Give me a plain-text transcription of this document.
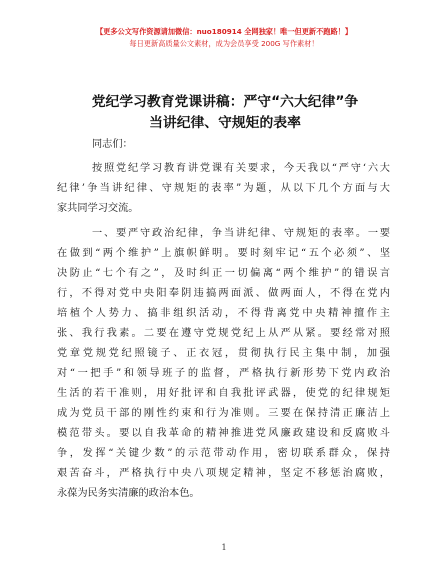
【更多公文写作资源请加微信：nuo180914 全网独家！唯一但更新不跑路！】
每日更新高质量公文素材，成为会员享受 200G 写作素材！
党纪学习教育党课讲稿：严守“六大纪律”争
当讲纪律、守规矩的表率
同志们：
按照党纪学习教育讲党课有关要求，今天我以“严守‘六大
纪律’争当讲纪律、守规矩的表率”为题，从以下几个方面与大
家共同学习交流。
一、要严守政治纪律，争当讲纪律、守规矩的表率。一要
在做到“两个维护”上旗帜鲜明。要时刻牢记“五个必须”、坚
决防止“七个有之”，及时纠正一切偏离“两个维护”的错误言
行，不得对党中央阳奉阴违搞两面派、做两面人，不得在党内
培植个人势力、搞非组织活动，不得背离党中央精神擅作主
张、我行我素。二要在遵守党规党纪上从严从紧。要经常对照
党章党规党纪照镜子、正衣冠，贯彻执行民主集中制，加强
对“一把手”和领导班子的监督，严格执行新形势下党内政治
生活的若干准则，用好批评和自我批评武器，使党的纪律规矩
成为党员干部的刚性约束和行为准则。三要在保持清正廉洁上
模范带头。要以自我革命的精神推进党风廉政建设和反腐败斗
争，发挥“关键少数”的示范带动作用，密切联系群众，保持
艰苦奋斗，严格执行中央八项规定精神，坚定不移惩治腐败，
永葆为民务实清廉的政治本色。
1
